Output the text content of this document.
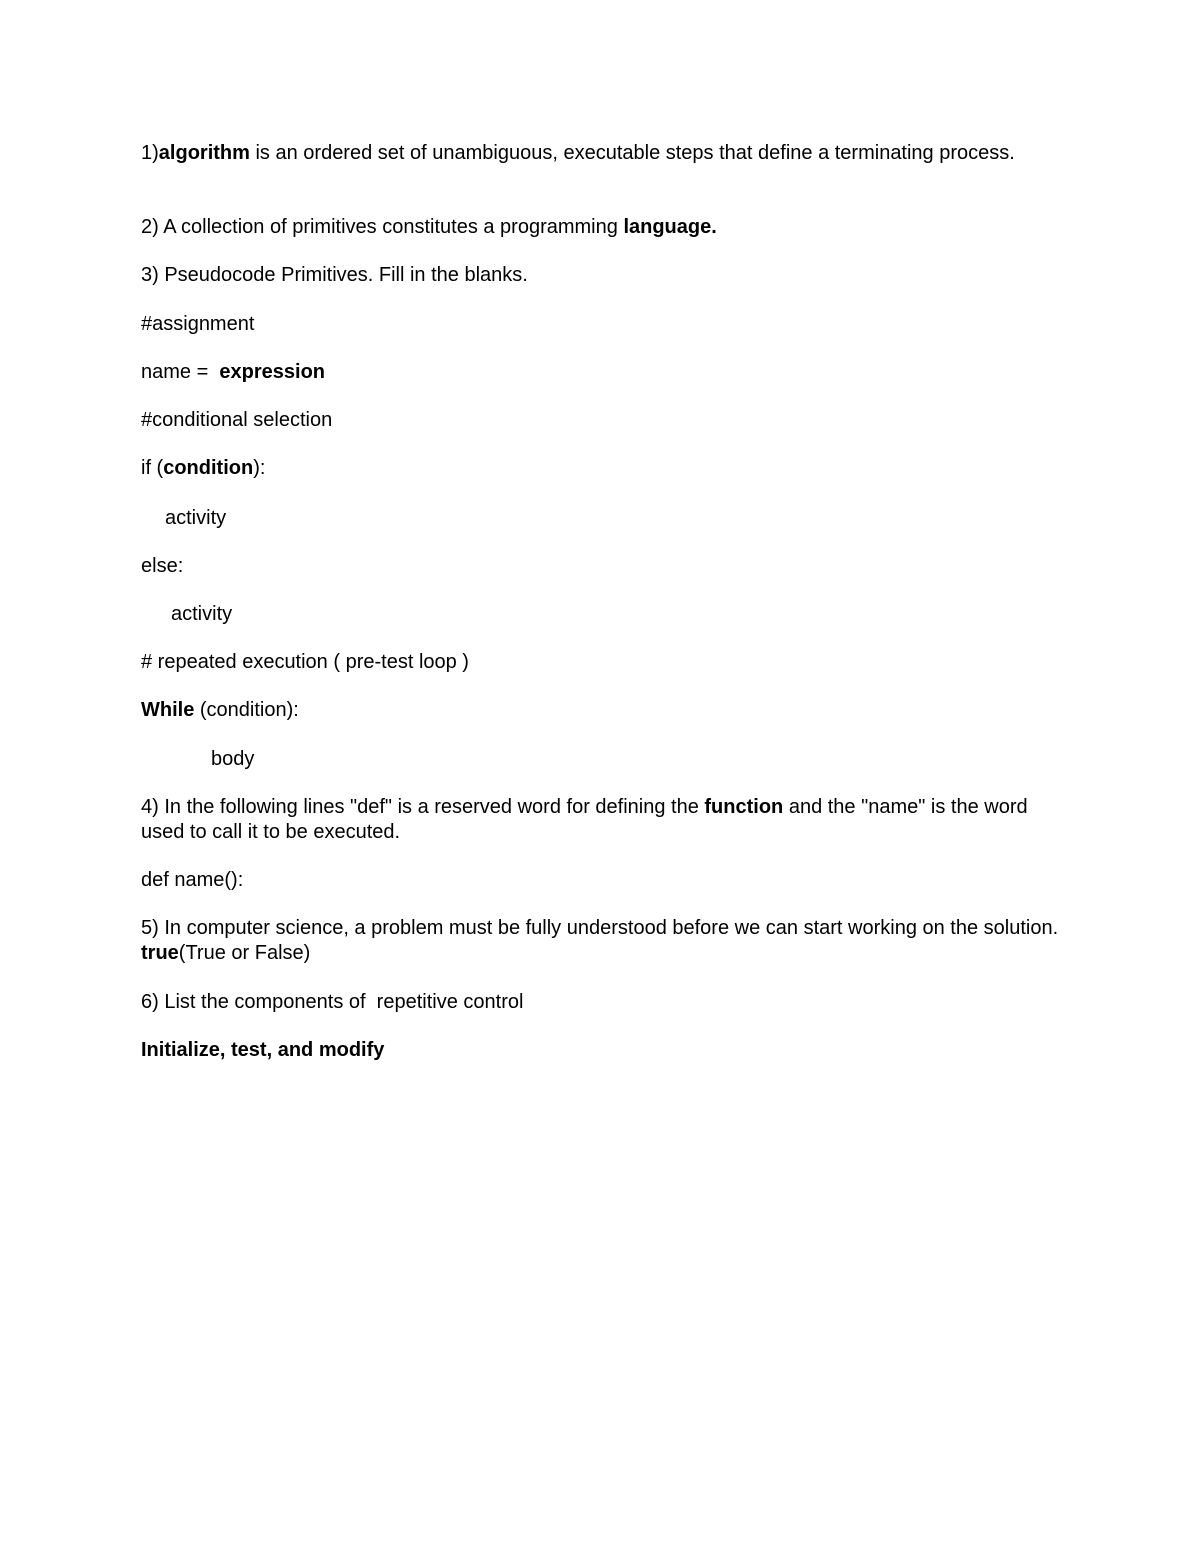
1)algorithm is an ordered set of unambiguous, executable steps that define a terminating process.
2) A collection of primitives constitutes a programming language.
3) Pseudocode Primitives. Fill in the blanks.
#assignment
name =  expression
#conditional selection
if (condition):
activity
else:
activity
# repeated execution ( pre-test loop )
While (condition):
body
4) In the following lines "def" is a reserved word for defining the function and the "name" is the word used to call it to be executed.
def name():
5) In computer science, a problem must be fully understood before we can start working on the solution. true(True or False)
6) List the components of  repetitive control
Initialize, test, and modify
